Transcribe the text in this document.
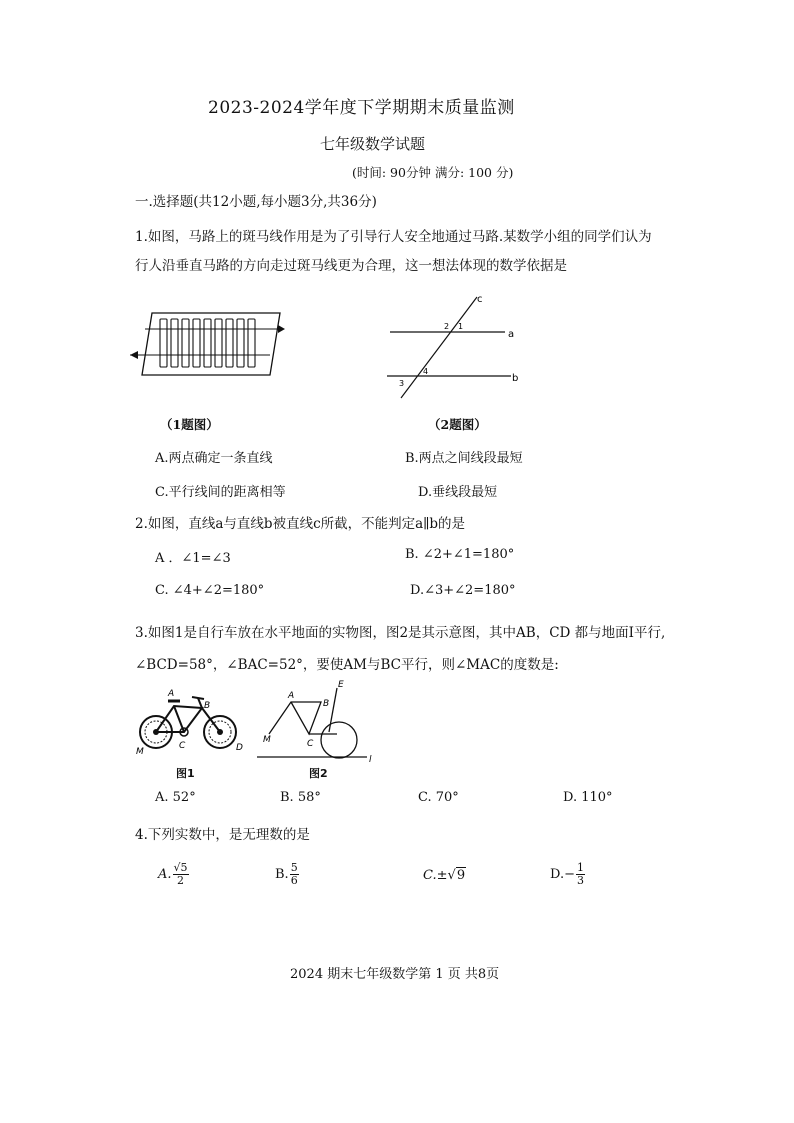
2023-2024学年度下学期期末质量监测
七年级数学试题
(时间: 90分钟 满分: 100 分)
一.选择题(共12小题,每小题3分,共36分)
1.如图，马路上的斑马线作用是为了引导行人安全地通过马路.某数学小组的同学们认为
行人沿垂直马路的方向走过斑马线更为合理，这一想法体现的数学依据是
c
a
b
2 1
3
4
（1题图）	（2题图）
A.两点确定一条直线	B.两点之间线段最短
C.平行线间的距离相等	D.垂线段最短
2.如图，直线a与直线b被直线c所截，不能判定a∥b的是
A ．∠1=∠3	B. ∠2+∠1=180°
C. ∠4+∠2=180°	D.∠3+∠2=180°
3.如图1是自行车放在水平地面的实物图，图2是其示意图，其中AB，CD 都与地面I平行,
∠BCD=58°，∠BAC=52°，要使AM与BC平行，则∠MAC的度数是:
A
B
C	D
M
A
B
C
E
M
l
图1	图2
A. 52°	B. 58°	C. 70°	D. 110°
4.下列实数中，是无理数的是
A. $\frac{√5}{2}$	B. $\frac{5}{6}$	C.±√9	$D.- \frac{1}{3}$
2024 期末七年级数学第 1 页 共8页
